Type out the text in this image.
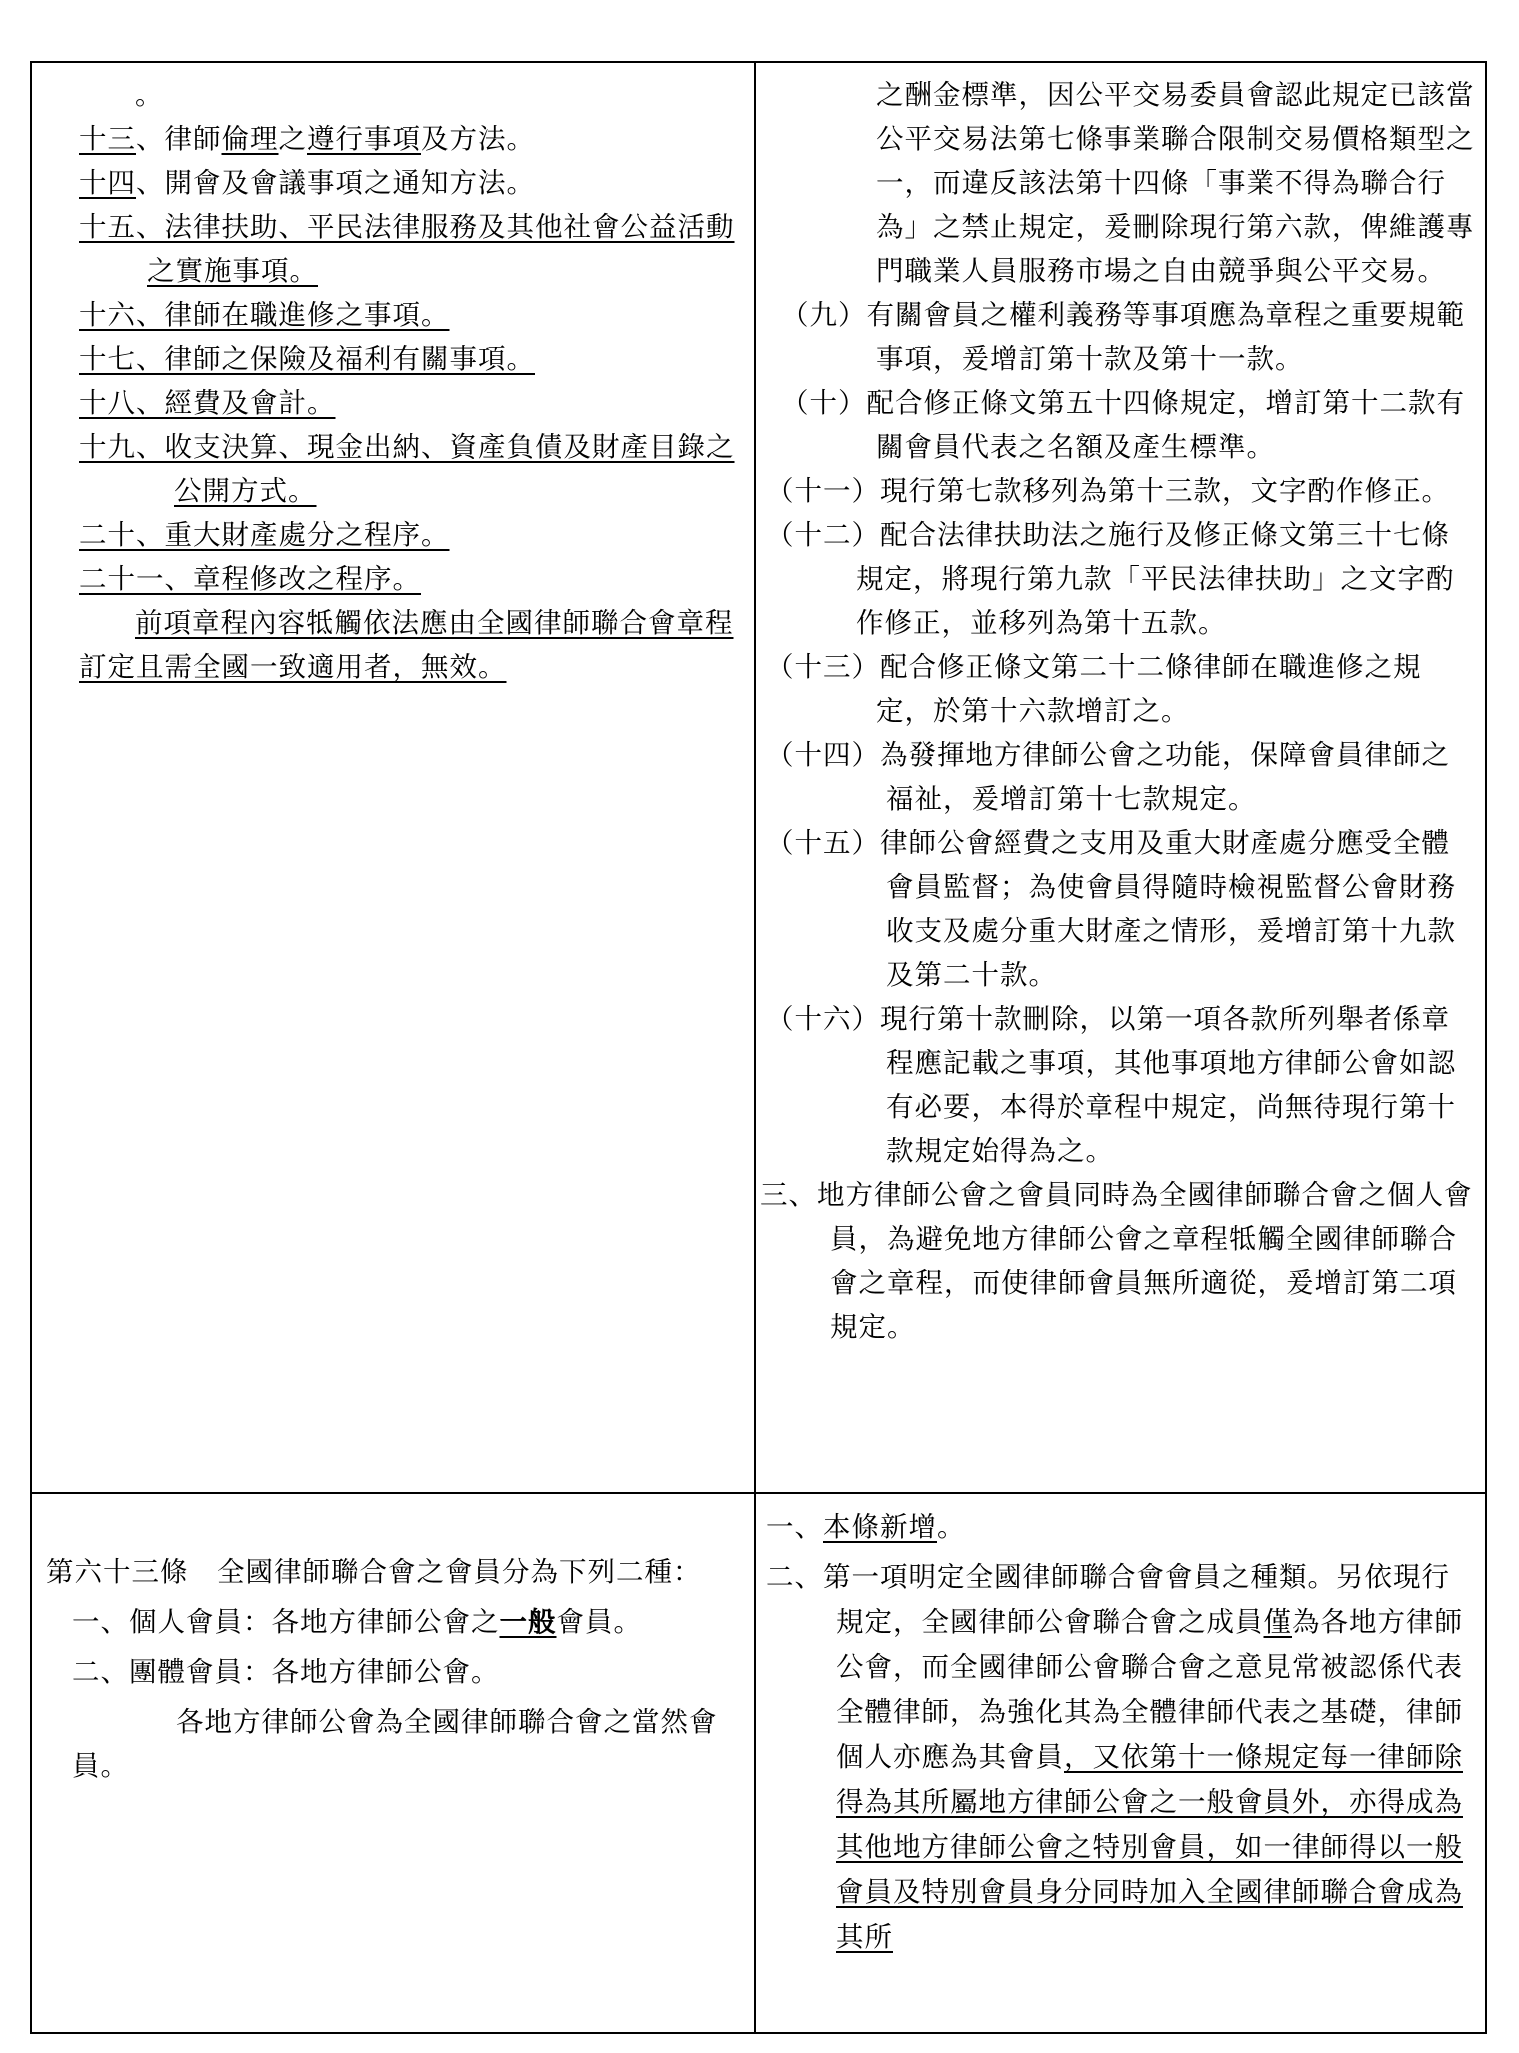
。

十三、律師倫理之遵行事項及方法。

十四、開會及會議事項之通知方法。

十五、法律扶助、平民法律服務及其他社會公益活動之實施事項。

十六、律師在職進修之事項。

十七、律師之保險及福利有關事項。

十八、經費及會計。

十九、收支決算、現金出納、資產負債及財產目錄之公開方式。

二十、重大財產處分之程序。

二十一、章程修改之程序。

前項章程內容牴觸依法應由全國律師聯合會章程訂定且需全國一致適用者，無效。

之酬金標準，因公平交易委員會認此規定已該當公平交易法第七條事業聯合限制交易價格類型之一，而違反該法第十四條「事業不得為聯合行為」之禁止規定，爰刪除現行第六款，俾維護專門職業人員服務市場之自由競爭與公平交易。

（九）有關會員之權利義務等事項應為章程之重要規範事項，爰增訂第十款及第十一款。

（十）配合修正條文第五十四條規定，增訂第十二款有關會員代表之名額及產生標準。

（十一）現行第七款移列為第十三款，文字酌作修正。

（十二）配合法律扶助法之施行及修正條文第三十七條規定，將現行第九款「平民法律扶助」之文字酌作修正，並移列為第十五款。

（十三）配合修正條文第二十二條律師在職進修之規定，於第十六款增訂之。

（十四）為發揮地方律師公會之功能，保障會員律師之福祉，爰增訂第十七款規定。

（十五）律師公會經費之支用及重大財產處分應受全體會員監督；為使會員得隨時檢視監督公會財務收支及處分重大財產之情形，爰增訂第十九款及第二十款。

（十六）現行第十款刪除，以第一項各款所列舉者係章程應記載之事項，其他事項地方律師公會如認有必要，本得於章程中規定，尚無待現行第十款規定始得為之。

三、地方律師公會之會員同時為全國律師聯合會之個人會員，為避免地方律師公會之章程牴觸全國律師聯合會之章程，而使律師會員無所適從，爰增訂第二項規定。

第六十三條　全國律師聯合會之會員分為下列二種：

一、個人會員：各地方律師公會之一般會員。

二、團體會員：各地方律師公會。

各地方律師公會為全國律師聯合會之當然會員。

一、本條新增。

二、第一項明定全國律師聯合會會員之種類。另依現行規定，全國律師公會聯合會之成員僅為各地方律師公會，而全國律師公會聯合會之意見常被認係代表全體律師，為強化其為全體律師代表之基礎，律師個人亦應為其會員，又依第十一條規定每一律師除得為其所屬地方律師公會之一般會員外，亦得成為其他地方律師公會之特別會員，如一律師得以一般會員及特別會員身分同時加入全國律師聯合會成為其所
